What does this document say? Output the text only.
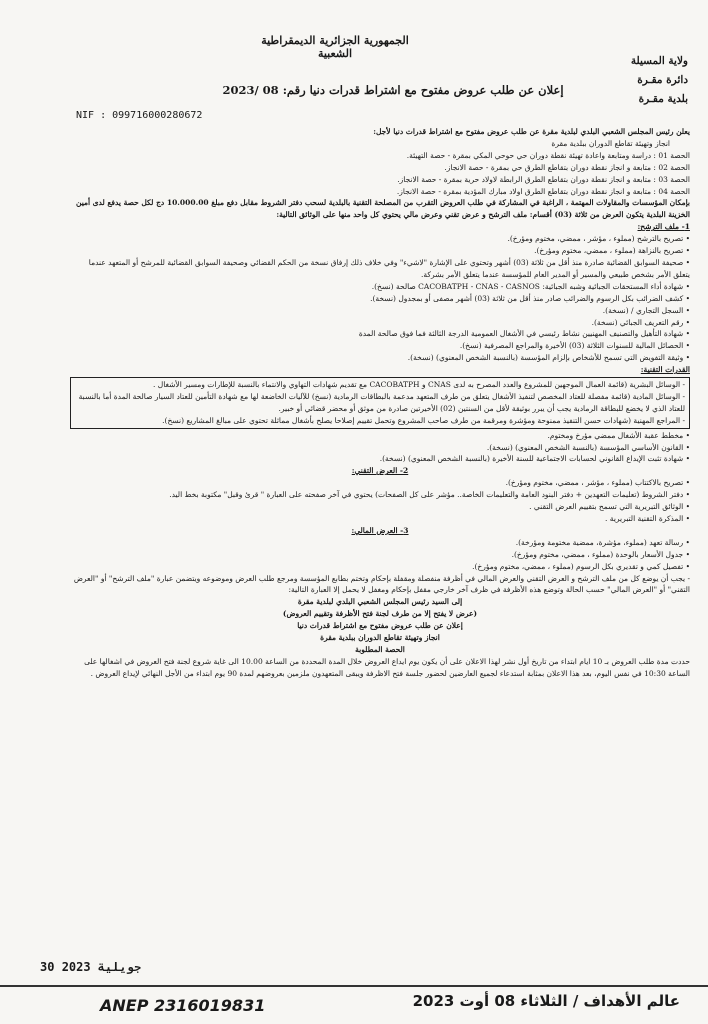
الجمهورية الجزائرية الديمقراطية الشعبية
ولاية المسيلة
دائرة مقـرة
بلدية مقـرة
إعلان عن طلب عروض مفتوح مع اشتراط قدرات دنيا رقم: 08 /2023
NIF : 099716000280672

يعلن رئيس المجلس الشعبي البلدي لبلدية مقرة عن طلب عروض مفتوح مع اشتراط قدرات دنيا لأجل:

انجاز وتهيئة تقاطع الدوران ببلدية مقرة

الحصة 01 : دراسة ومتابعة واعادة تهيئة نقطة دوران حي حوحي المكي بمقرة - حصة التهيئة.

الحصة 02 : متابعة و انجاز نقطة دوران بتقاطع الطرق حي بمقرة - حصة الانجاز.

الحصة 03 : متابعة و انجاز نقطة دوران بتقاطع الطرق الرابطة لاولاد حرية بمقرة - حصة الانجاز.

الحصة 04 : متابعة و انجاز نقطة دوران بتقاطع الطرق اولاد مبارك المؤدية بمقرة - حصة الانجاز.

بإمكان المؤسسات والمقاولات المهتمة ، الراغبة في المشاركة في طلب العروض التقرب من المصلحة التقنية بالبلدية لسحب دفتر الشروط مقابل دفع مبلغ 10.000.00 دج لكل حصة يدفع لدى أمين الخزينة البلدية يتكون العرض من ثلاثة (03) أقسام: ملف الترشح و عرض تقني وعرض مالي يحتوي كل واحد منها على الوثائق التالية:

1- ملف الترشح:

• تصريح بالترشح (مملوء ، مؤشر ، ممضي، مختوم ومؤرخ).

• تصريح بالنزاهة (مملوء ، ممضي، مختوم ومؤرخ).

• صحيفة السوابق القضائية صادرة منذ أقل من ثلاثة (03) أشهر وتحتوي على الإشارة "لاشيء" وفي خلاف ذلك إرفاق نسخة من الحكم القضائي وصحيفة السوابق القضائية للمرشح أو المتعهد عندما يتعلق الأمر بشخص طبيعي والمسير أو المدير العام للمؤسسة عندما يتعلق الأمر بشركة.

• شهادة أداء المستحقات الجبائية وشبه الجبائية: CACOBATPH - CNAS - CASNOS صالحة (نسخ).

• كشف الضرائب بكل الرسوم والضرائب صادر منذ أقل من ثلاثة (03) أشهر مصفى أو بمجدول (نسخة).

• السجل التجاري / (نسخة).

• رقم التعريف الجبائي (نسخة).

• شهادة التأهيل والتصنيف المهنيين نشاط رئيسي في الأشغال العمومية الدرجة الثالثة فما فوق صالحة المدة

• الحصائل المالية للسنوات الثلاثة (03) الأخيرة والمراجع المصرفية (نسخ).

• وثيقة التفويض التي تسمح للأشخاص بإلزام المؤسسة (بالنسبة الشخص المعنوي) (نسخة).

القدرات التقنية:

- الوسائل البشرية (قائمة العمال الموجهين للمشروع والعدد المصرح به لدى CNAS و CACOBATPH مع تقديم شهادات التهاوي والانتماء بالنسبة للإطارات ومسير الأشغال .

- الوسائل المادية (قائمة مفصلة للعتاد المخصص لتنفيذ الأشغال يتعلق من طرف المتعهد مدعمة بالبطاقات الرمادية (نسخ) للآليات الخاضعة لها مع شهادة التأمين للعتاد السيار صالحة المدة أما بالنسبة للعتاد الذي لا يخضع للبطاقة الرمادية يجب أن يبرر بوثيقة لأقل من السنتين (02) الأخيرتين صادرة من موثق أو محضر قضائي أو خبير.

- المراجع المهنية (شهادات حسن التنفيذ ممنوحة ومؤشرة ومرقمة من طرف صاحب المشروع وتحمل تقييم إصلاحا يصلح بأشغال مماثلة تحتوي على مبالغ المشاريع (نسخ).

• مخطط عقبة الأشغال ممضي مؤرخ ومختوم.

• القانون الأساسي المؤسسة (بالنسبة الشخص المعنوي) (نسخة).

• شهادة تثبت الإيداع القانوني لحسابات الاجتماعية للسنة الأخيرة (بالنسبة الشخص المعنوي) (نسخة).

2- العرض التقني:

• تصريح بالاكتتاب (مملوء ، مؤشر ، ممضي، مختوم ومؤرخ).

• دفتر الشروط (تعليمات التعهدين + دفتر البنود العامة والتعليمات الخاصة.. مؤشر على كل الصفحات) يحتوي في آخر صفحته على العبارة " قرئ وقبل" مكتوبة بخط اليد.

• الوثائق التبريرية التي تسمح بتقييم العرض التقني .

• المذكرة التقنية التبريرية .

3- العرض المالي:

• رسالة تعهد (مملوء، مؤشرة، ممضية مختومة ومؤرخة).

• جدول الأسعار بالوحدة (مملوء ، ممضي، مختوم ومؤرخ).

• تفصيل كمي و تقديري بكل الرسوم (مملوء ، ممضي، مختوم ومؤرخ).

- يجب أن يوضع كل من ملف الترشح و العرض التقني والعرض المالي في أظرفة منفصلة ومقفلة بإحكام وتختم بطابع المؤسسة ومرجع طلب العرض وموضوعه ويتضمن عبارة "ملف الترشح" أو "العرض التقني" أو "العرض المالي" حسب الحالة وتوضع هذه الأظرفة في ظرف آخر خارجي مقفل بإحكام ومغفل لا يحمل إلا العبارة التالية:

إلى السيد رئيس المجلس الشعبي البلدي لبلدية مقرة

(عرض لا يفتح إلا من طرف لجنة فتح الأظرفة وتقييم العروض)

إعلان عن طلب عروض مفتوح مع اشتراط قدرات دنيا

انجاز وتهيئة تقاطع الدوران ببلدية مقرة

الحصة المطلوبة

حددت مدة طلب العروض بـ 10 ايام ابتداء من تاريخ أول نشر لهذا الاعلان على أن يكون يوم ايداع العروض خلال المدة المحددة من الساعة 10.00 الى غاية شروع لجنة فتح العروض في اشغالها على الساعة 10:30 في نفس اليوم، بعد هذا الاعلان بمثابة استدعاء لجميع العارضين لحضور جلسة فتح الاظرفة ويبقى المتعهدون ملزمين بعروضهم لمدة 90 يوم ابتداء من الأجل النهائي لإيداع العروض .

30 جويلية 2023
ANEP 2316019831	عالم الأهداف / الثلاثاء 08 أوت 2023
